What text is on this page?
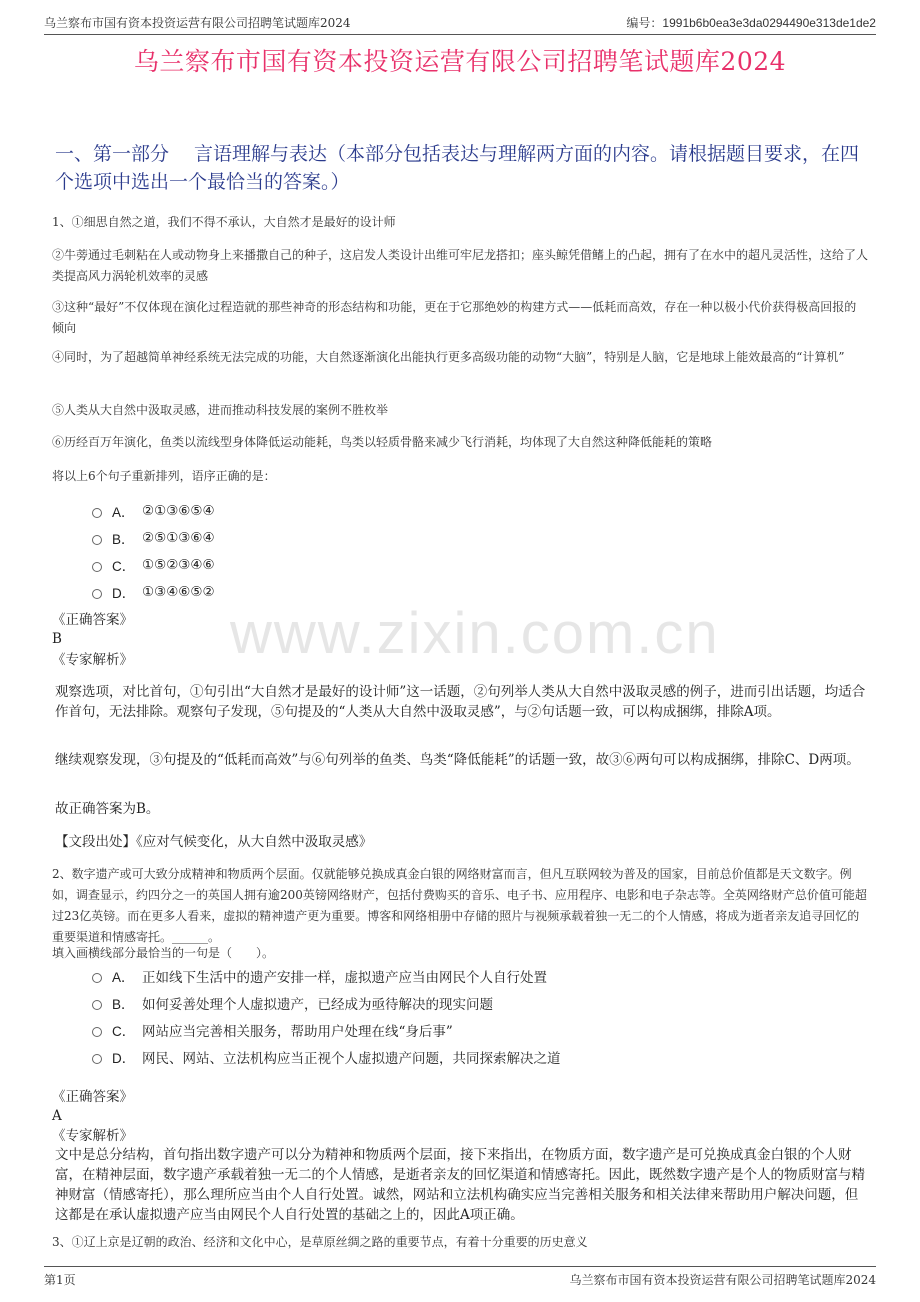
乌兰察布市国有资本投资运营有限公司招聘笔试题库2024	编号：1991b6b0ea3e3da0294490e313de1de2
乌兰察布市国有资本投资运营有限公司招聘笔试题库2024
一、第一部分　 言语理解与表达（本部分包括表达与理解两方面的内容。请根据题目要求，在四个选项中选出一个最恰当的答案。）
www.zixin.com.cn
1、①细思自然之道，我们不得不承认，大自然才是最好的设计师
②牛蒡通过毛刺粘在人或动物身上来播撒自己的种子，这启发人类设计出维可牢尼龙搭扣；座头鲸凭借鳍上的凸起，拥有了在水中的超凡灵活性，这给了人类提高风力涡轮机效率的灵感
③这种“最好”不仅体现在演化过程造就的那些神奇的形态结构和功能，更在于它那绝妙的构建方式——低耗而高效，存在一种以极小代价获得极高回报的倾向
④同时，为了超越简单神经系统无法完成的功能，大自然逐渐演化出能执行更多高级功能的动物“大脑”，特别是人脑，它是地球上能效最高的“计算机”
⑤人类从大自然中汲取灵感，进而推动科技发展的案例不胜枚举
⑥历经百万年演化，鱼类以流线型身体降低运动能耗，鸟类以轻质骨骼来减少飞行消耗，均体现了大自然这种降低能耗的策略
将以上6个句子重新排列，语序正确的是：
A． ②①③⑥⑤④
B． ②⑤①③⑥④
C． ①⑤②③④⑥
D． ①③④⑥⑤②
《正确答案》
B
《专家解析》
观察选项，对比首句，①句引出“大自然才是最好的设计师”这一话题，②句列举人类从大自然中汲取灵感的例子，进而引出话题，均适合作首句，无法排除。观察句子发现，⑤句提及的“人类从大自然中汲取灵感”，与②句话题一致，可以构成捆绑，排除A项。
继续观察发现，③句提及的“低耗而高效”与⑥句列举的鱼类、鸟类“降低能耗”的话题一致，故③⑥两句可以构成捆绑，排除C、D两项。
故正确答案为B。
【文段出处】《应对气候变化，从大自然中汲取灵感》
2、数字遗产或可大致分成精神和物质两个层面。仅就能够兑换成真金白银的网络财富而言，但凡互联网较为普及的国家，目前总价值都是天文数字。例如，调查显示，约四分之一的英国人拥有逾200英镑网络财产，包括付费购买的音乐、电子书、应用程序、电影和电子杂志等。全英网络财产总价值可能超过23亿英镑。而在更多人看来，虚拟的精神遗产更为重要。博客和网络相册中存储的照片与视频承载着独一无二的个人情感，将成为逝者亲友追寻回忆的重要渠道和情感寄托。______。
填入画横线部分最恰当的一句是（　　）。
A． 正如线下生活中的遗产安排一样，虚拟遗产应当由网民个人自行处置
B． 如何妥善处理个人虚拟遗产，已经成为亟待解决的现实问题
C． 网站应当完善相关服务，帮助用户处理在线“身后事”
D． 网民、网站、立法机构应当正视个人虚拟遗产问题，共同探索解决之道
《正确答案》
A
《专家解析》
文中是总分结构，首句指出数字遗产可以分为精神和物质两个层面，接下来指出，在物质方面，数字遗产是可兑换成真金白银的个人财富，在精神层面，数字遗产承载着独一无二的个人情感，是逝者亲友的回忆渠道和情感寄托。因此，既然数字遗产是个人的物质财富与精神财富（情感寄托），那么理所应当由个人自行处置。诚然，网站和立法机构确实应当完善相关服务和相关法律来帮助用户解决问题，但这都是在承认虚拟遗产应当由网民个人自行处置的基础之上的，因此A项正确。
3、①辽上京是辽朝的政治、经济和文化中心，是草原丝绸之路的重要节点，有着十分重要的历史意义
第1页	乌兰察布市国有资本投资运营有限公司招聘笔试题库2024
